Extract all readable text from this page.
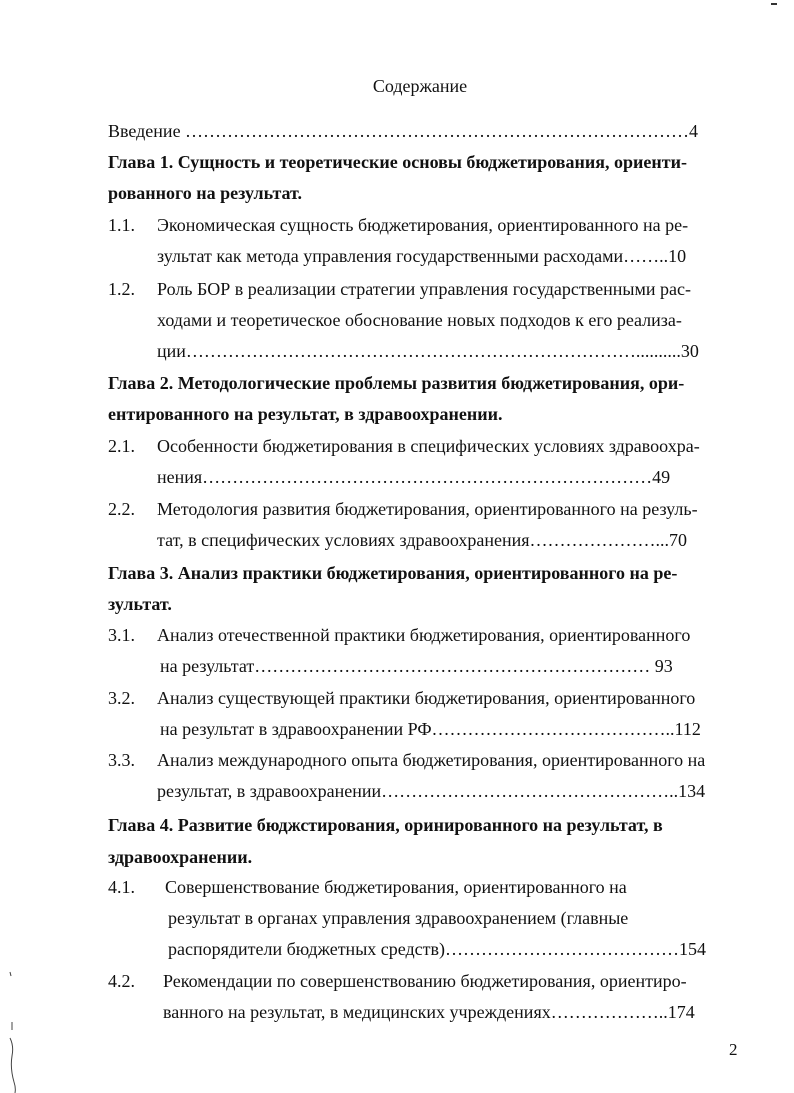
Содержание
Введение …………………………………………………………………………4
Глава 1. Сущность и теоретические основы бюджетирования, ориенти-
рованного на результат.
1.1. Экономическая сущность бюджетирования, ориентированного на ре-
зультат как метода управления государственными расходами……..10
1.2. Роль БОР в реализации стратегии управления государственными рас-
ходами и теоретическое обоснование новых подходов к его реализа-
ции…………………………………………………………………..........30
Глава 2. Методологические проблемы развития бюджетирования, ори-
ентированного на результат, в здравоохранении.
2.1. Особенности бюджетирования в специфических условиях здравоохра-
нения…………………………………………………………………49
2.2. Методология развития бюджетирования, ориентированного на резуль-
тат, в специфических условиях здравоохранения…………………...70
Глава 3. Анализ практики бюджетирования, ориентированного на ре-
зультат.
3.1. Анализ отечественной практики бюджетирования, ориентированного
на результат………………………………………………………… 93
3.2. Анализ существующей практики бюджетирования, ориентированного
на результат в здравоохранении РФ…………………………………..112
3.3. Анализ международного опыта бюджетирования, ориентированного на
результат, в здравоохранении…………………………………………..134
Глава 4. Развитие бюджстирования, оринированного на результат, в
здравоохранении.
4.1. Совершенствование бюджетирования, ориентированного на
результат в органах управления здравоохранением (главные
распорядители бюджетных средств)…………………………………154
4.2. Рекомендации по совершенствованию бюджетирования, ориентиро-
ванного на результат, в медицинских учреждениях………………..174
2
